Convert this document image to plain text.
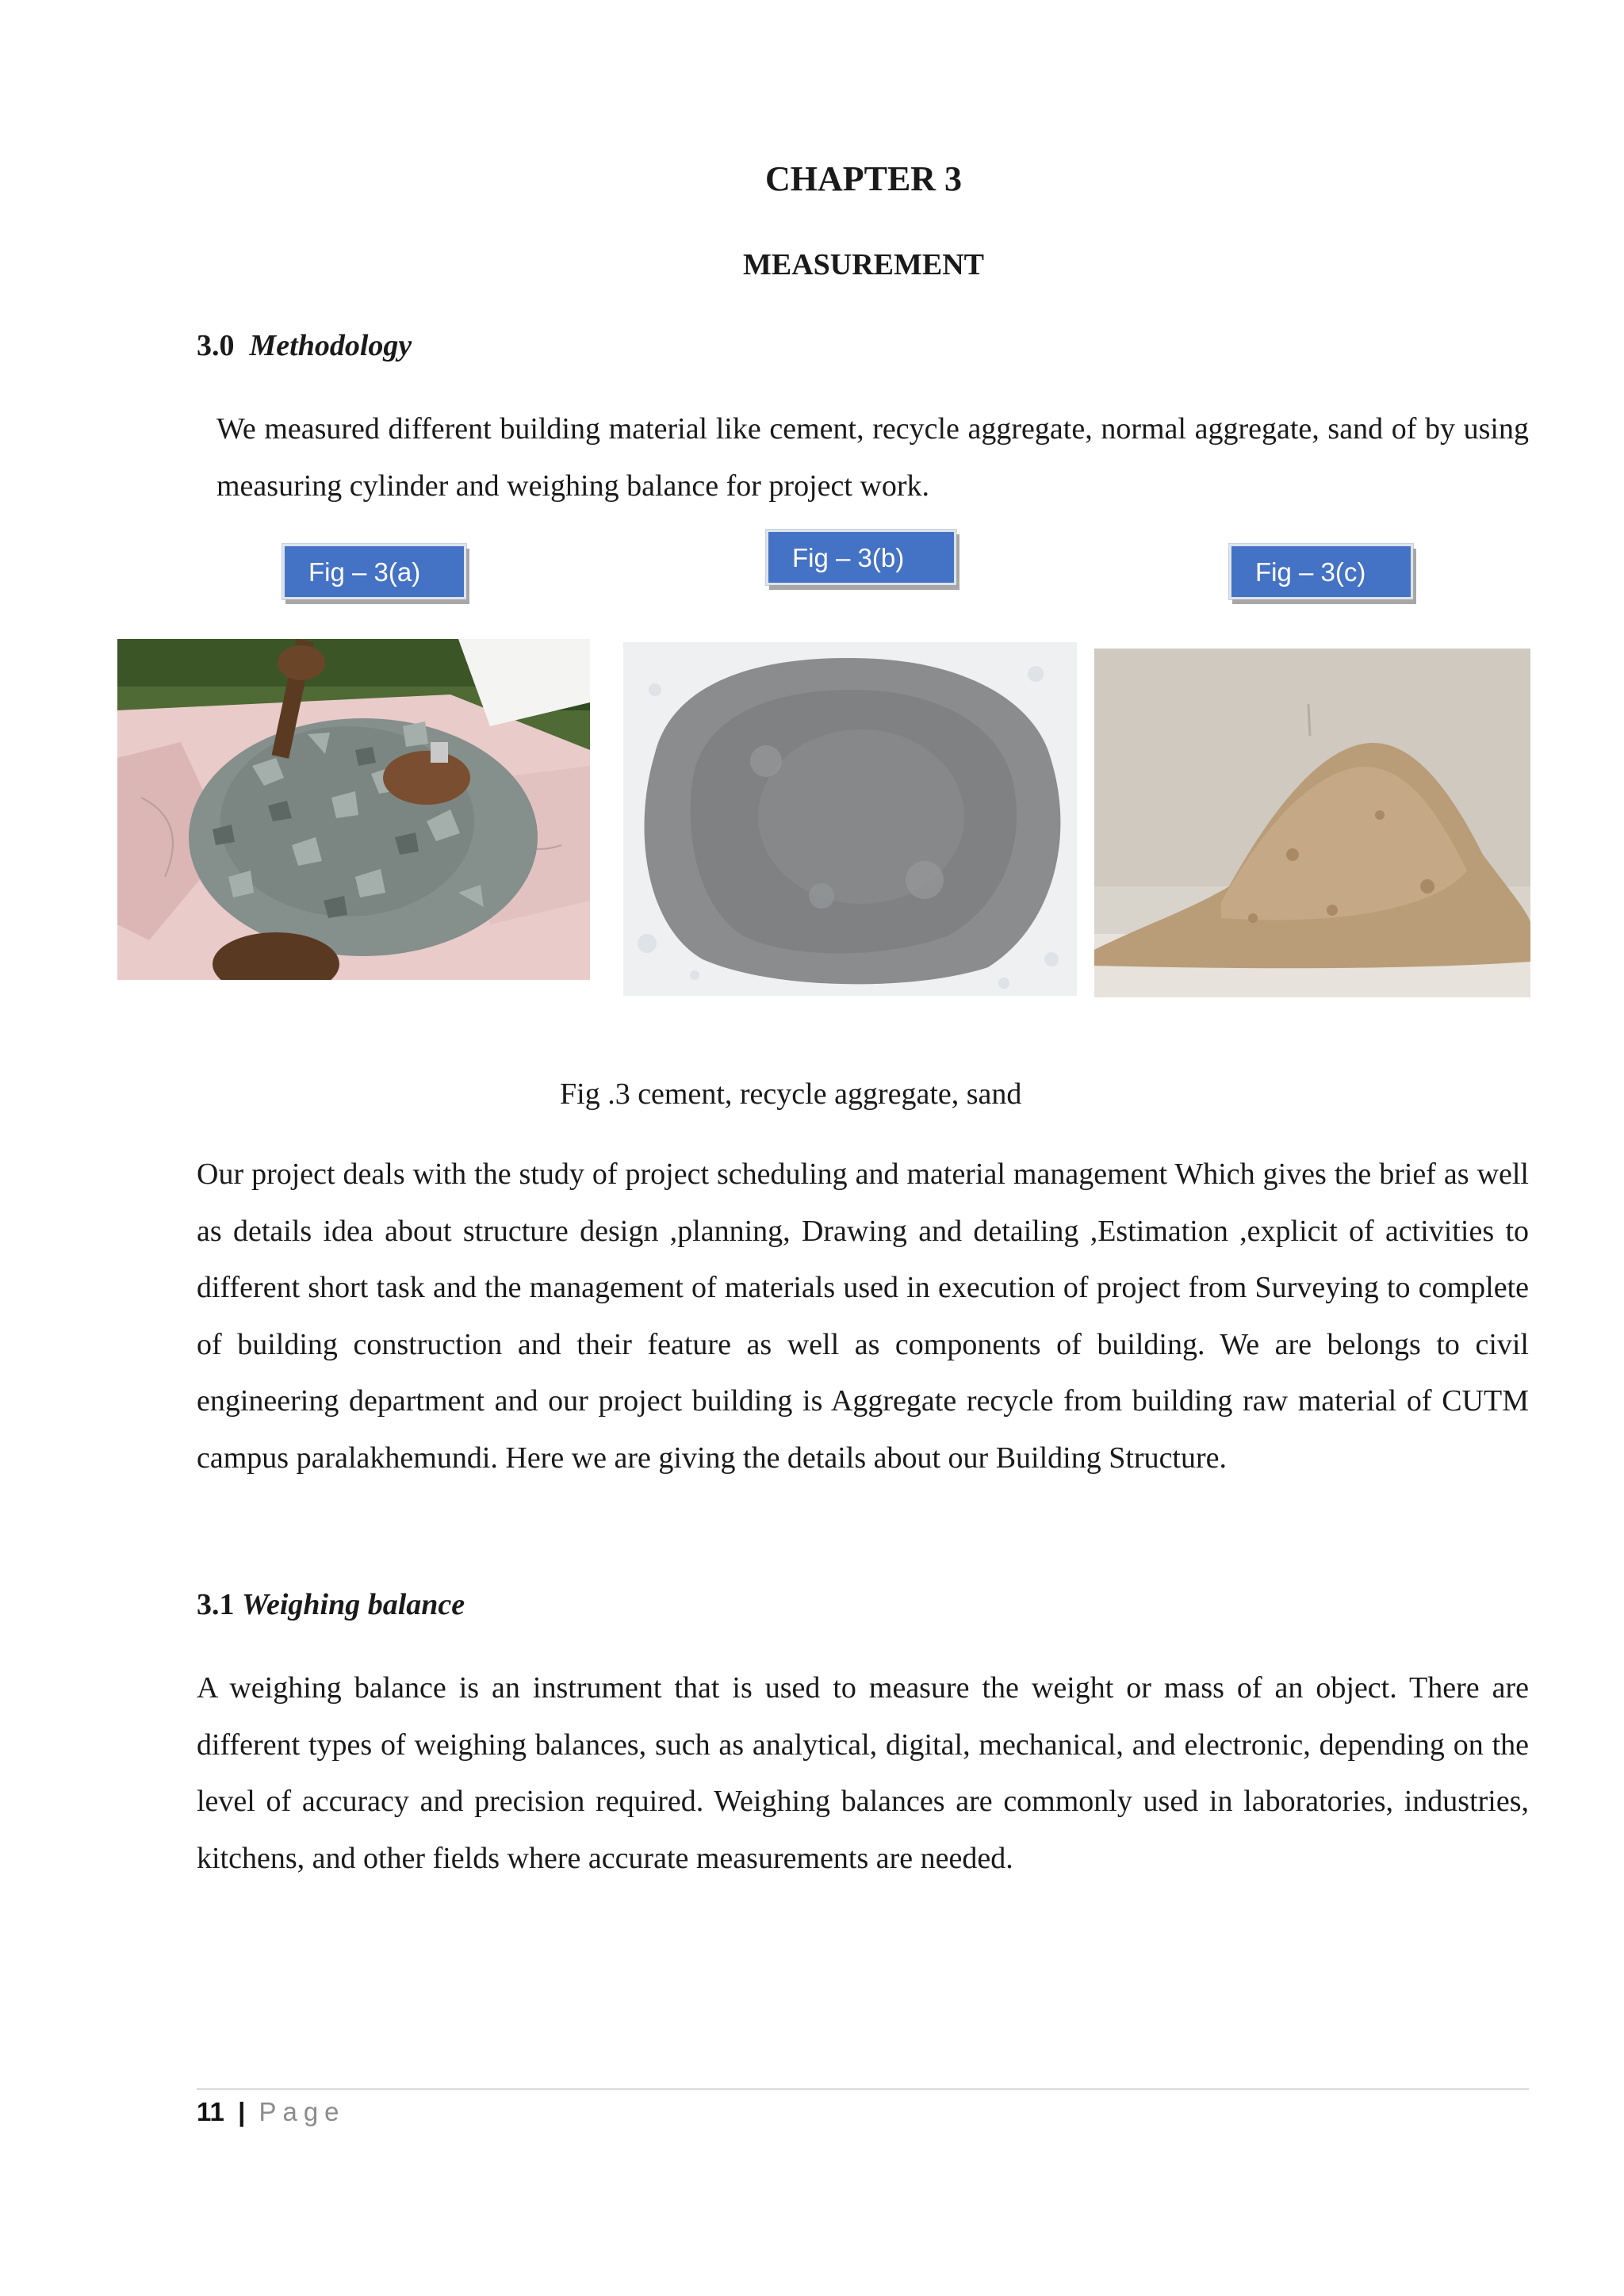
CHAPTER 3
MEASUREMENT
3.0 Methodology

We measured different building material like cement, recycle aggregate, normal aggregate, sand of by using measuring cylinder and weighing balance for project work.

Fig – 3(a)	Fig – 3(b)	Fig – 3(c)
Fig .3 cement, recycle aggregate, sand

Our project deals with the study of project scheduling and material management Which gives the brief as well as details idea about structure design ,planning, Drawing and detailing ,Estimation ,explicit of activities to different short task and the management of materials used in execution of project from Surveying to complete of building construction and their feature as well as components of building. We are belongs to civil engineering department and our project building is Aggregate recycle from building raw material of CUTM campus paralakhemundi. Here we are giving the details about our Building Structure.

3.1 Weighing balance

A weighing balance is an instrument that is used to measure the weight or mass of an object. There are different types of weighing balances, such as analytical, digital, mechanical, and electronic, depending on the level of accuracy and precision required. Weighing balances are commonly used in laboratories, industries, kitchens, and other fields where accurate measurements are needed.

11 | Page
